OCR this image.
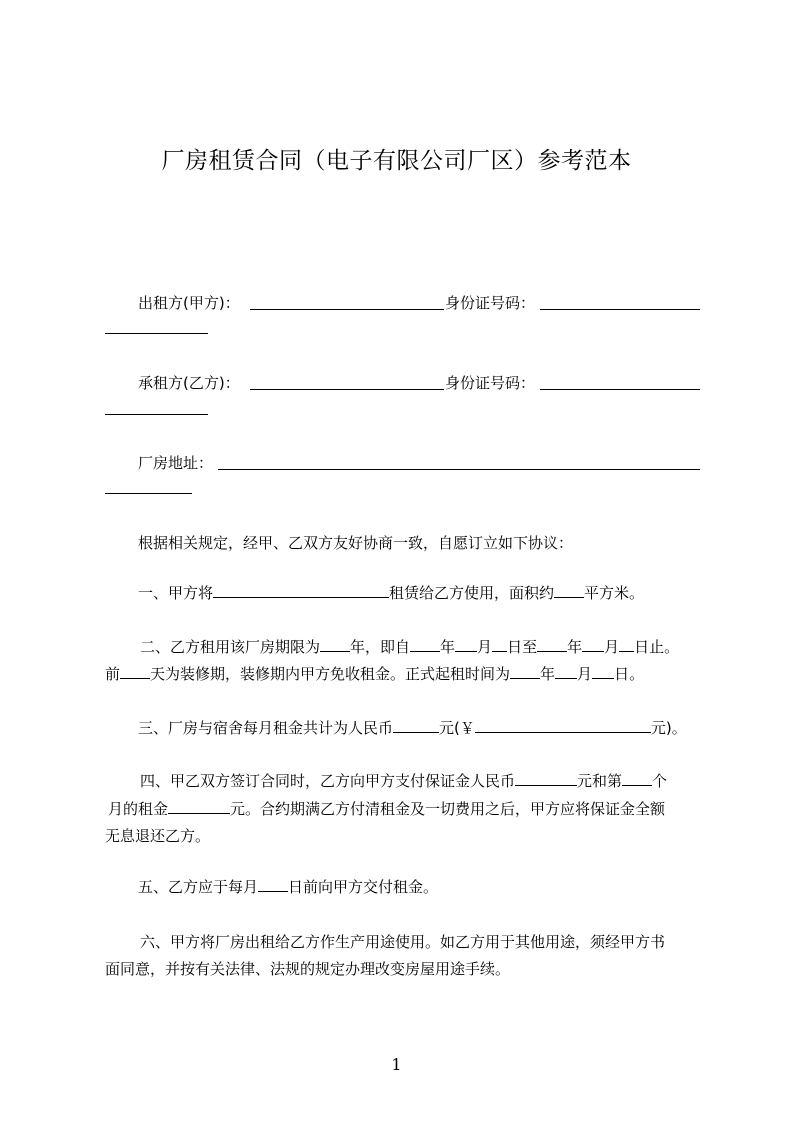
厂房租赁合同（电子有限公司厂区）参考范本
出租方(甲方)：	身份证号码：
承租方(乙方)：	身份证号码：
厂房地址：
根据相关规定，经甲、乙双方友好协商一致，自愿订立如下协议：
一、甲方将	租赁给乙方使用，面积约 平方米。
二、乙方租用该厂房期限为 年，即自 年 月 日至 年 月 日止。
前 天为装修期，装修期内甲方免收租金。正式起租时间为 年 月 日。
三、厂房与宿舍每月租金共计为人民币	元(￥	元)。
四、甲乙双方签订合同时，乙方向甲方支付保证金人民币	元和第 个
月的租金	元。合约期满乙方付清租金及一切费用之后，甲方应将保证金全额
无息退还乙方。
五、乙方应于每月 日前向甲方交付租金。
六、甲方将厂房出租给乙方作生产用途使用。如乙方用于其他用途，须经甲方书
面同意，并按有关法律、法规的规定办理改变房屋用途手续。
1
